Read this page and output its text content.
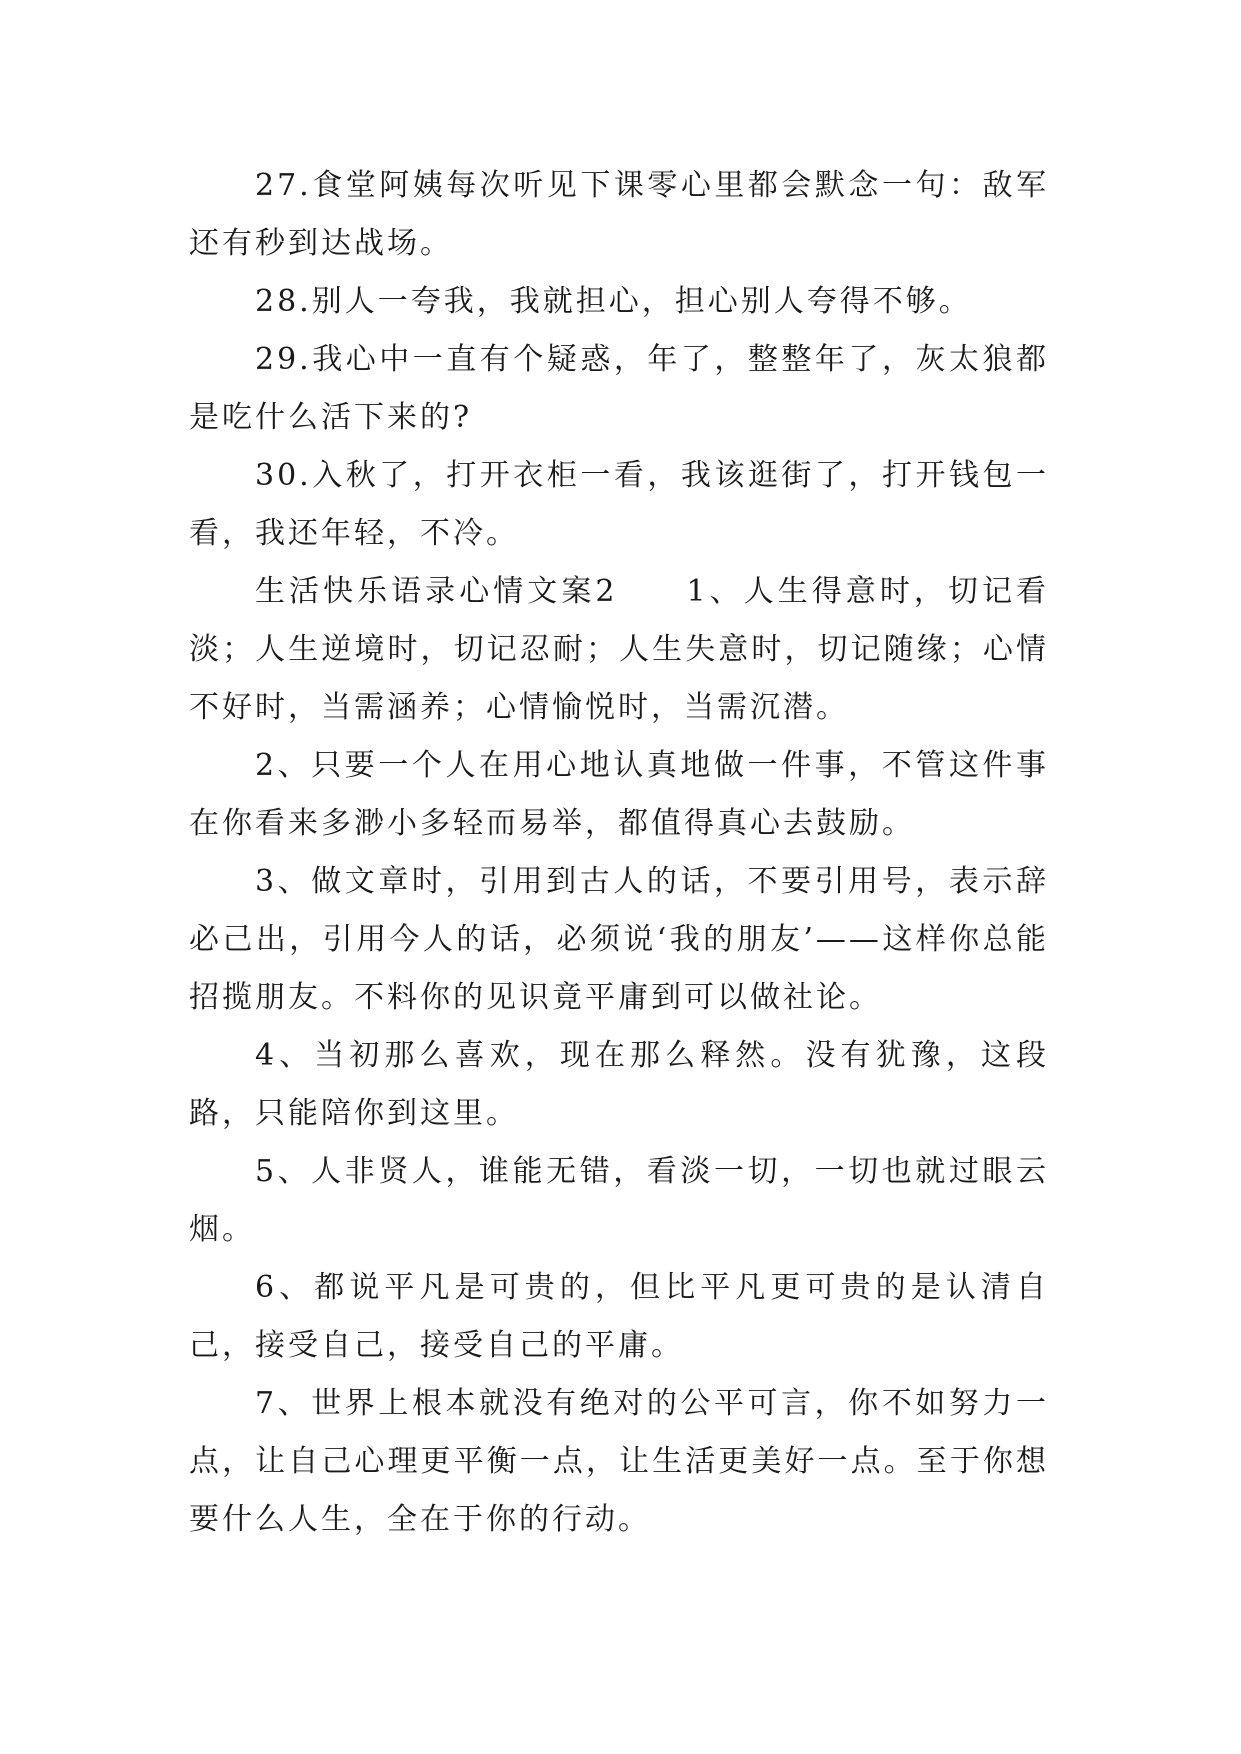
27.食堂阿姨每次听见下课零心里都会默念一句：敌军还有秒到达战场。

28.别人一夸我，我就担心，担心别人夸得不够。

29.我心中一直有个疑惑，年了，整整年了，灰太狼都是吃什么活下来的?

30.入秋了，打开衣柜一看，我该逛街了，打开钱包一看，我还年轻，不冷。

生活快乐语录心情文案2　　1、人生得意时，切记看淡；人生逆境时，切记忍耐；人生失意时，切记随缘；心情不好时，当需涵养；心情愉悦时，当需沉潜。

2、只要一个人在用心地认真地做一件事，不管这件事在你看来多渺小多轻而易举，都值得真心去鼓励。

3、做文章时，引用到古人的话，不要引用号，表示辞必己出，引用今人的话，必须说‘我的朋友’——这样你总能招揽朋友。不料你的见识竟平庸到可以做社论。

4、当初那么喜欢，现在那么释然。没有犹豫，这段路，只能陪你到这里。

5、人非贤人，谁能无错，看淡一切，一切也就过眼云烟。

6、都说平凡是可贵的，但比平凡更可贵的是认清自己，接受自己，接受自己的平庸。

7、世界上根本就没有绝对的公平可言，你不如努力一点，让自己心理更平衡一点，让生活更美好一点。至于你想要什么人生，全在于你的行动。
